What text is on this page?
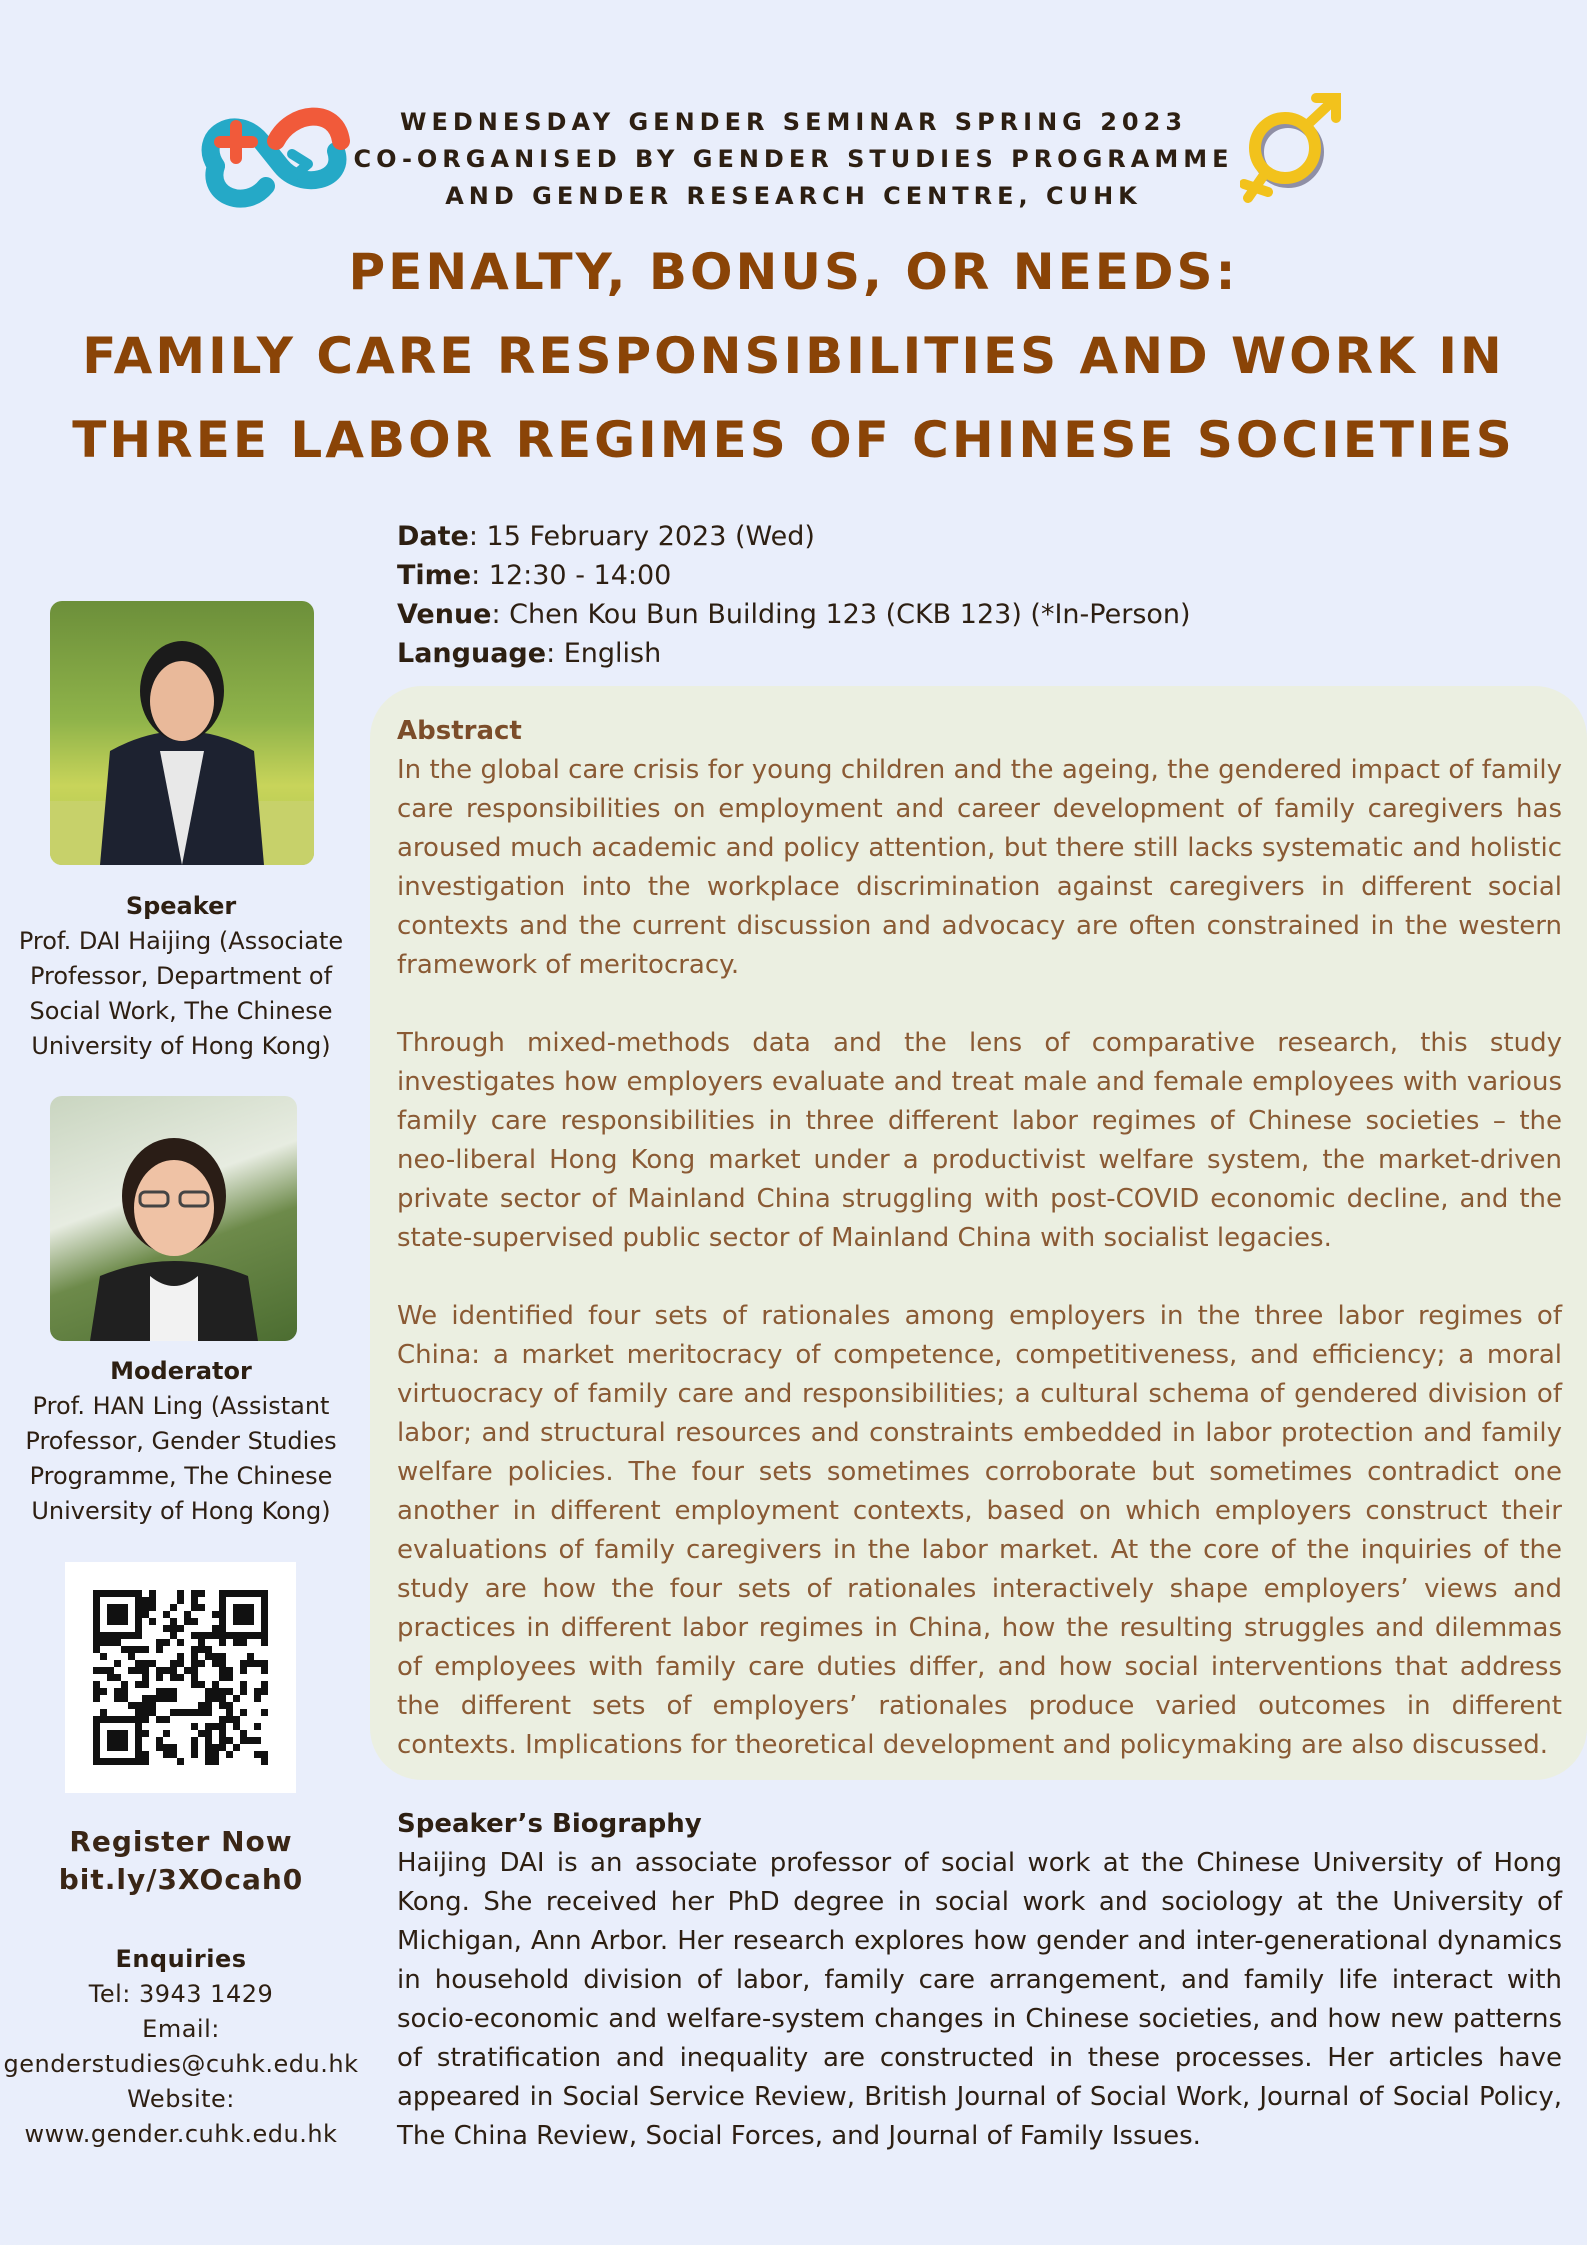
WEDNESDAY GENDER SEMINAR SPRING 2023
CO-ORGANISED BY GENDER STUDIES PROGRAMME
AND GENDER RESEARCH CENTRE, CUHK
PENALTY, BONUS, OR NEEDS:
FAMILY CARE RESPONSIBILITIES AND WORK IN
THREE LABOR REGIMES OF CHINESE SOCIETIES
Speaker
Prof. DAI Haijing (Associate
Professor, Department of
Social Work, The Chinese
University of Hong Kong)
Moderator
Prof. HAN Ling (Assistant
Professor, Gender Studies
Programme, The Chinese
University of Hong Kong)
Register Now
bit.ly/3XOcah0
Enquiries
Tel: 3943 1429
Email:
genderstudies@cuhk.edu.hk
Website:
www.gender.cuhk.edu.hk
Date: 15 February 2023 (Wed)
Time: 12:30 - 14:00
Venue: Chen Kou Bun Building 123 (CKB 123) (*In-Person)
Language: English
Abstract

In the global care crisis for young children and the ageing, the gendered impact of family care responsibilities on employment and career development of family caregivers has aroused much academic and policy attention, but there still lacks systematic and holistic investigation into the workplace discrimination against caregivers in different social contexts and the current discussion and advocacy are often constrained in the western framework of meritocracy.

Through mixed-methods data and the lens of comparative research, this study investigates how employers evaluate and treat male and female employees with various family care responsibilities in three different labor regimes of Chinese societies – the neo-liberal Hong Kong market under a productivist welfare system, the market-driven private sector of Mainland China struggling with post-COVID economic decline, and the state-supervised public sector of Mainland China with socialist legacies.

We identified four sets of rationales among employers in the three labor regimes of China: a market meritocracy of competence, competitiveness, and efficiency; a moral virtuocracy of family care and responsibilities; a cultural schema of gendered division of labor; and structural resources and constraints embedded in labor protection and family welfare policies. The four sets sometimes corroborate but sometimes contradict one another in different employment contexts, based on which employers construct their evaluations of family caregivers in the labor market. At the core of the inquiries of the study are how the four sets of rationales interactively shape employers’ views and practices in different labor regimes in China, how the resulting struggles and dilemmas of employees with family care duties differ, and how social interventions that address the different sets of employers’ rationales produce varied outcomes in different contexts. Implications for theoretical development and policymaking are also discussed.

Speaker’s Biography

Haijing DAI is an associate professor of social work at the Chinese University of Hong Kong. She received her PhD degree in social work and sociology at the University of Michigan, Ann Arbor. Her research explores how gender and inter-generational dynamics in household division of labor, family care arrangement, and family life interact with socio-economic and welfare-system changes in Chinese societies, and how new patterns of stratification and inequality are constructed in these processes. Her articles have appeared in Social Service Review, British Journal of Social Work, Journal of Social Policy, The China Review, Social Forces, and Journal of Family Issues.
